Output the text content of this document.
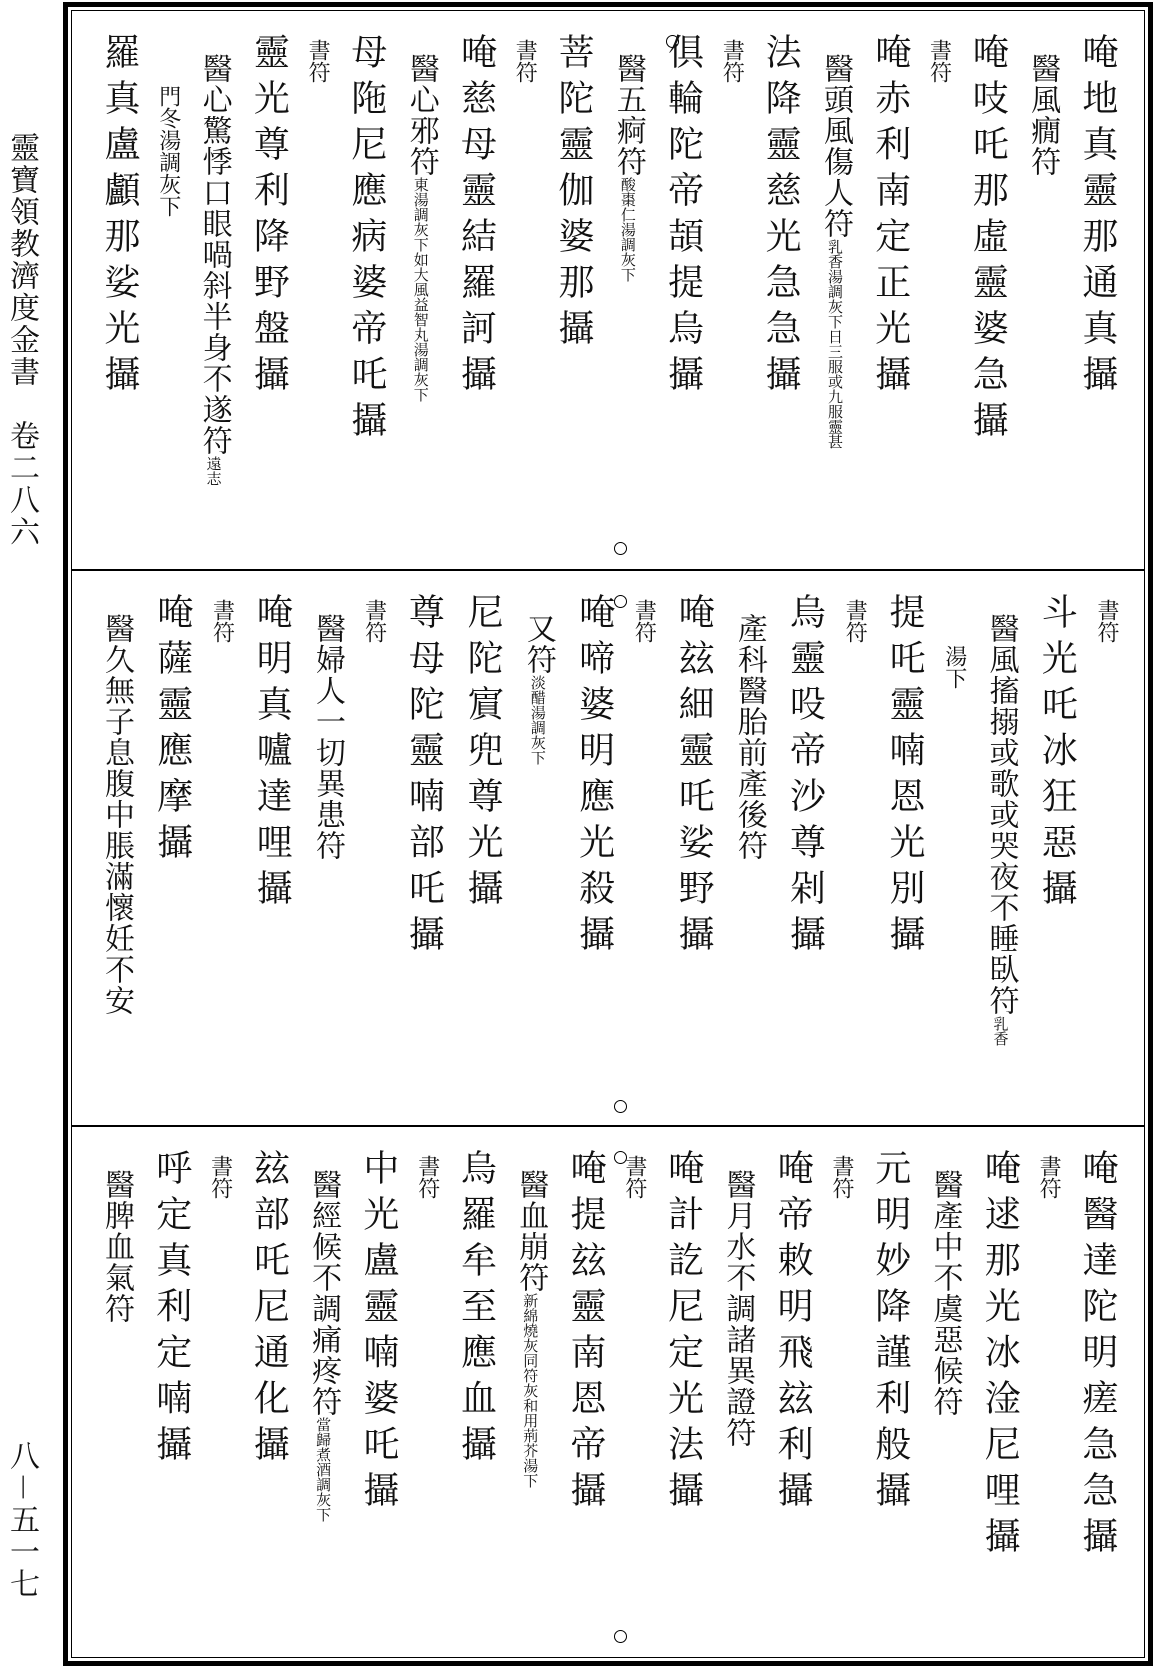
靈寶領教濟度金書　卷二八六
八－五一七
唵地真靈那通真攝
醫風癇符
唵吱吒那虛靈婆急攝
書符
唵赤利南定正光攝
醫頭風傷人符乳香湯調灰下日三服或九服靈甚
法降靈慈光急急攝
書符
俱輪陀帝頡提烏攝
醫五痾符酸棗仁湯調灰下
菩陀靈伽婆那攝
書符
唵慈母靈結羅訶攝
醫心邪符東湯調灰下如大風益智丸湯調灰下
母陁尼應病婆帝吒攝
書符
靈光尊利降野盤攝
醫心驚悸口眼喎斜半身不遂符遠志
門冬湯調灰下
羅真盧顱那娑光攝
書符
斗光吒冰狂惡攝
醫風搐搦或歌或哭夜不睡臥符乳香
湯下
提吒靈喃恩光別攝
書符
烏靈吺帝沙尊剁攝
產科醫胎前產後符
唵玆細靈吒娑野攝
書符
唵啼婆明應光殺攝
又符淡醋湯調灰下
尼陀賔兜尊光攝
尊母陀靈喃部吒攝
書符
醫婦人一切異患符
唵明真嚧達哩攝
書符
唵薩靈應摩攝
醫久無子息腹中脹滿懷妊不安
唵醫達陀明瘥急急攝
書符
唵逑那光冰淦尼哩攝
醫產中不虞惡候符
元明妙降謹利般攝
書符
唵帝敕明飛玆利攝
醫月水不調諸異證符
唵計訖尼定光法攝
書符
唵提玆靈南恩帝攝
醫血崩符新綿燒灰同符灰和用荊芥湯下
烏羅牟至應血攝
書符
中光盧靈喃婆吒攝
醫經候不調痛疼符當歸煮酒調灰下
玆部吒尼通化攝
書符
呼定真利定喃攝
醫脾血氣符
